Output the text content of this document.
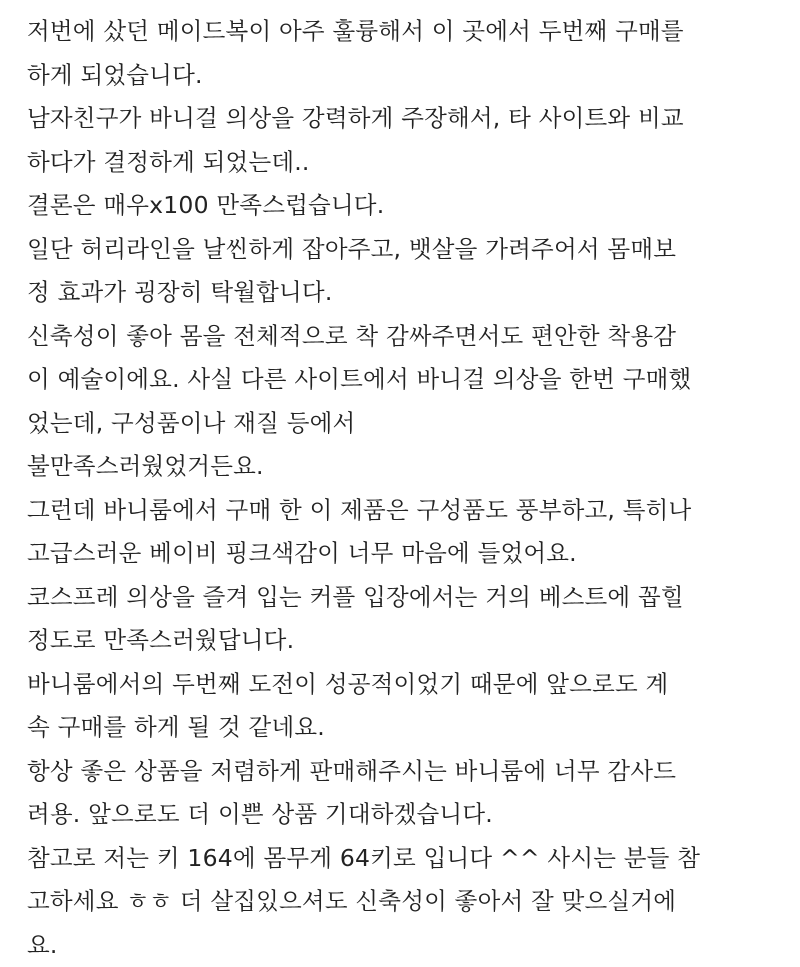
저번에 샀던 메이드복이 아주 훌륭해서 이 곳에서 두번째 구매를
하게 되었습니다.
남자친구가 바니걸 의상을 강력하게 주장해서, 타 사이트와 비교
하다가 결정하게 되었는데..
결론은 매우x100 만족스럽습니다.
일단 허리라인을 날씬하게 잡아주고, 뱃살을 가려주어서 몸매보
정 효과가 굉장히 탁월합니다.
신축성이 좋아 몸을 전체적으로 착 감싸주면서도 편안한 착용감
이 예술이에요. 사실 다른 사이트에서 바니걸 의상을 한번 구매했
었는데, 구성품이나 재질 등에서
불만족스러웠었거든요.
그런데 바니룸에서 구매 한 이 제품은 구성품도 풍부하고, 특히나
고급스러운 베이비 핑크색감이 너무 마음에 들었어요.
코스프레 의상을 즐겨 입는 커플 입장에서는 거의 베스트에 꼽힐
정도로 만족스러웠답니다.
바니룸에서의 두번째 도전이 성공적이었기 때문에 앞으로도 계
속 구매를 하게 될 것 같네요.
항상 좋은 상품을 저렴하게 판매해주시는 바니룸에 너무 감사드
려용. 앞으로도 더 이쁜 상품 기대하겠습니다.
참고로 저는 키 164에 몸무게 64키로 입니다 ^^ 사시는 분들 참
고하세요 ㅎㅎ 더 살집있으셔도 신축성이 좋아서 잘 맞으실거에
요.
